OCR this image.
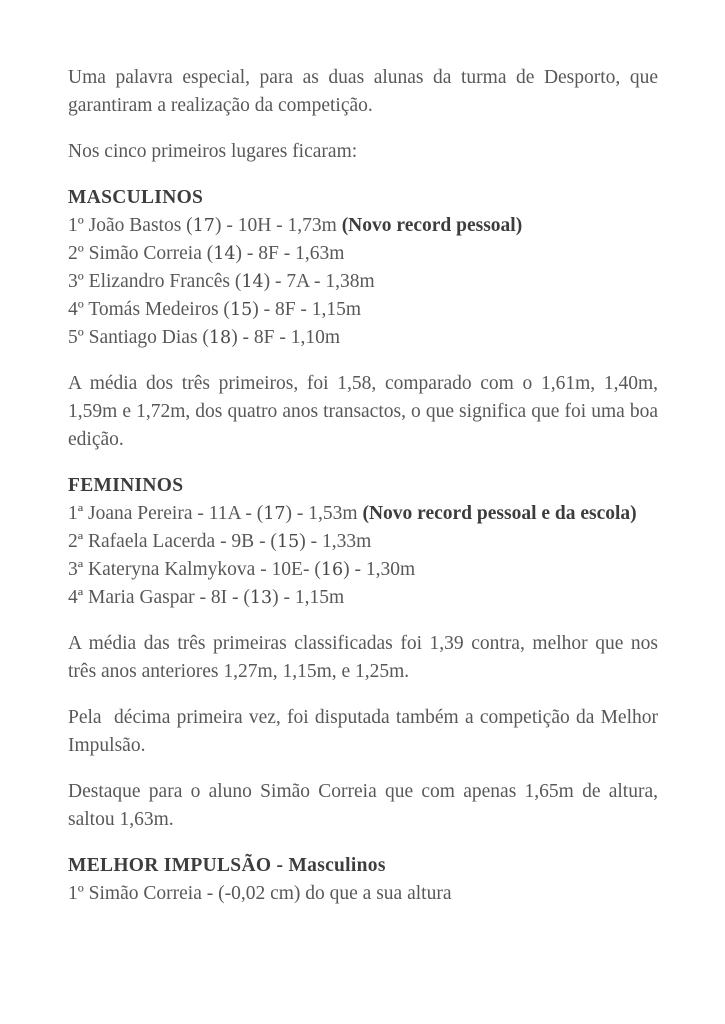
Uma palavra especial, para as duas alunas da turma de Desporto, que garantiram a realização da competição.

Nos cinco primeiros lugares ficaram:

MASCULINOS

1º João Bastos (17) - 10H - 1,73m (Novo record pessoal)

2º Simão Correia (14) - 8F - 1,63m

3º Elizandro Francês (14) - 7A - 1,38m

4º Tomás Medeiros (15) - 8F - 1,15m

5º Santiago Dias (18) - 8F - 1,10m

A média dos três primeiros, foi 1,58, comparado com o 1,61m, 1,40m, 1,59m e 1,72m, dos quatro anos transactos, o que significa que foi uma boa edição.

FEMININOS

1ª Joana Pereira - 11A - (17) - 1,53m (Novo record pessoal e da escola)

2ª Rafaela Lacerda - 9B - (15) - 1,33m

3ª Kateryna Kalmykova - 10E- (16) - 1,30m

4ª Maria Gaspar - 8I - (13) - 1,15m

A média das três primeiras classificadas foi 1,39 contra, melhor que nos três anos anteriores 1,27m, 1,15m, e 1,25m.

Pela  décima primeira vez, foi disputada também a competição da Melhor Impulsão.

Destaque para o aluno Simão Correia que com apenas 1,65m de altura, saltou 1,63m.

MELHOR IMPULSÃO - Masculinos

1º Simão Correia - (-0,02 cm) do que a sua altura
